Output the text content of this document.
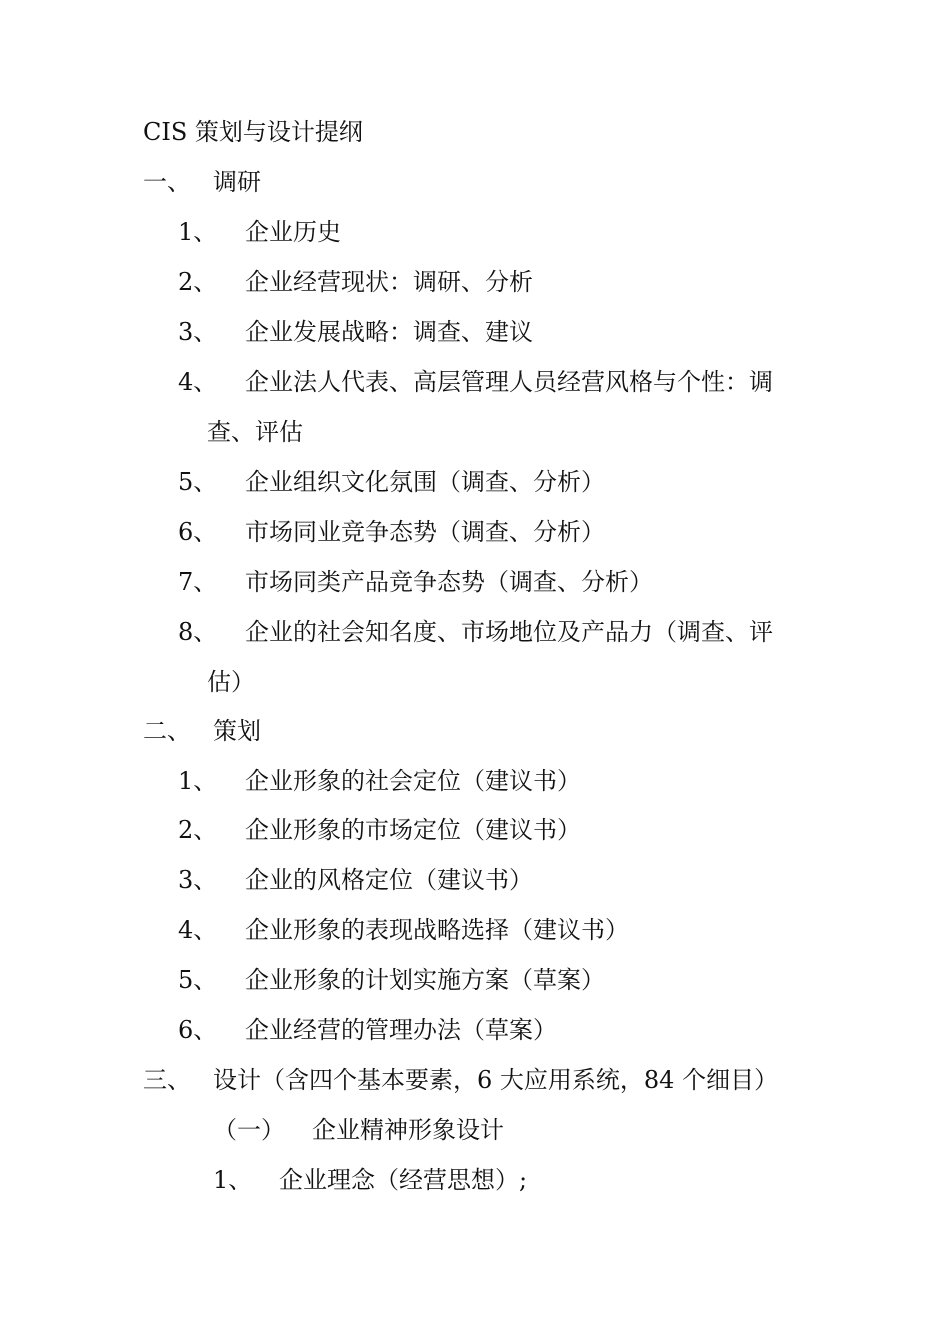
CIS 策划与设计提纲
一、 调研
1、 企业历史
2、 企业经营现状：调研、分析
3、 企业发展战略：调查、建议
4、 企业法人代表、高层管理人员经营风格与个性：调
查、评估
5、 企业组织文化氛围（调查、分析）
6、 市场同业竞争态势（调查、分析）
7、 市场同类产品竞争态势（调查、分析）
8、 企业的社会知名度、市场地位及产品力（调查、评
估）
二、 策划
1、 企业形象的社会定位（建议书）
2、 企业形象的市场定位（建议书）
3、 企业的风格定位（建议书）
4、 企业形象的表现战略选择（建议书）
5、 企业形象的计划实施方案（草案）
6、 企业经营的管理办法（草案）
三、 设计（含四个基本要素，6 大应用系统，84 个细目）
（一） 企业精神形象设计
1、 企业理念（经营思想）;
